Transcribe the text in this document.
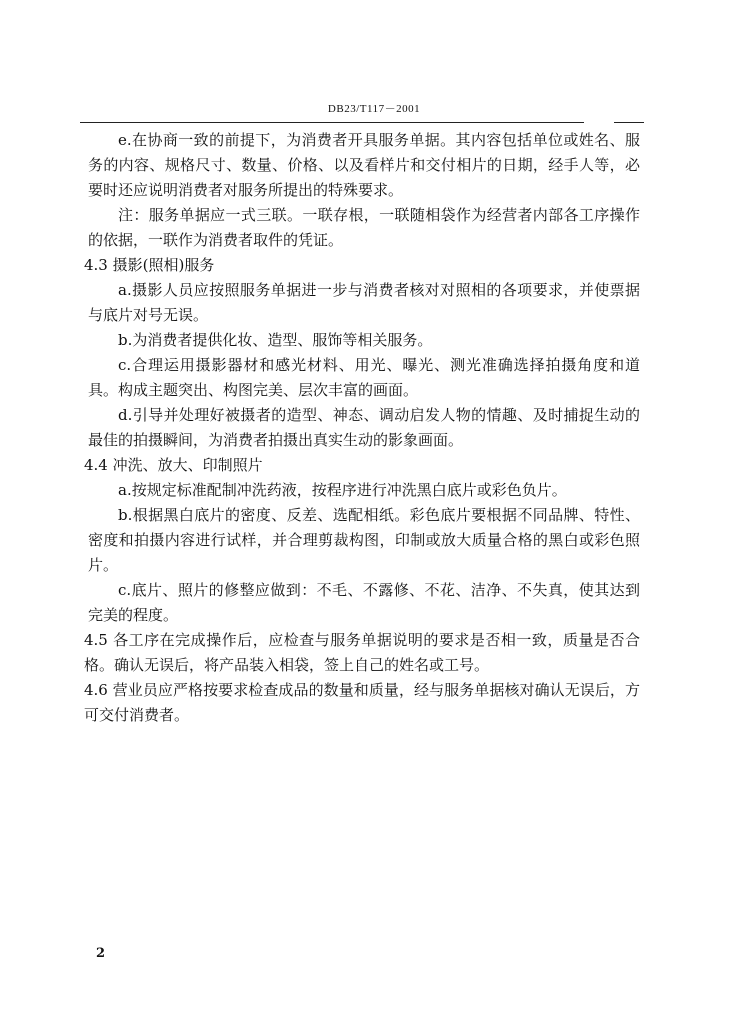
DB23/T117－2001

e.在协商一致的前提下，为消费者开具服务单据。其内容包括单位或姓名、服务的内容、规格尺寸、数量、价格、以及看样片和交付相片的日期，经手人等，必要时还应说明消费者对服务所提出的特殊要求。

注：服务单据应一式三联。一联存根，一联随相袋作为经营者内部各工序操作的依据，一联作为消费者取件的凭证。

4.3 摄影(照相)服务

a.摄影人员应按照服务单据进一步与消费者核对对照相的各项要求，并使票据与底片对号无误。

b.为消费者提供化妆、造型、服饰等相关服务。

c.合理运用摄影器材和感光材料、用光、曝光、测光准确选择拍摄角度和道具。构成主题突出、构图完美、层次丰富的画面。

d.引导并处理好被摄者的造型、神态、调动启发人物的情趣、及时捕捉生动的最佳的拍摄瞬间，为消费者拍摄出真实生动的影象画面。

4.4 冲洗、放大、印制照片

a.按规定标准配制冲洗药液，按程序进行冲洗黑白底片或彩色负片。

b.根据黑白底片的密度、反差、选配相纸。彩色底片要根据不同品牌、特性、密度和拍摄内容进行试样，并合理剪裁构图，印制或放大质量合格的黑白或彩色照片。

c.底片、照片的修整应做到：不毛、不露修、不花、洁净、不失真，使其达到完美的程度。

4.5 各工序在完成操作后，应检查与服务单据说明的要求是否相一致，质量是否合格。确认无误后，将产品装入相袋，签上自己的姓名或工号。

4.6 营业员应严格按要求检查成品的数量和质量，经与服务单据核对确认无误后，方可交付消费者。

2
